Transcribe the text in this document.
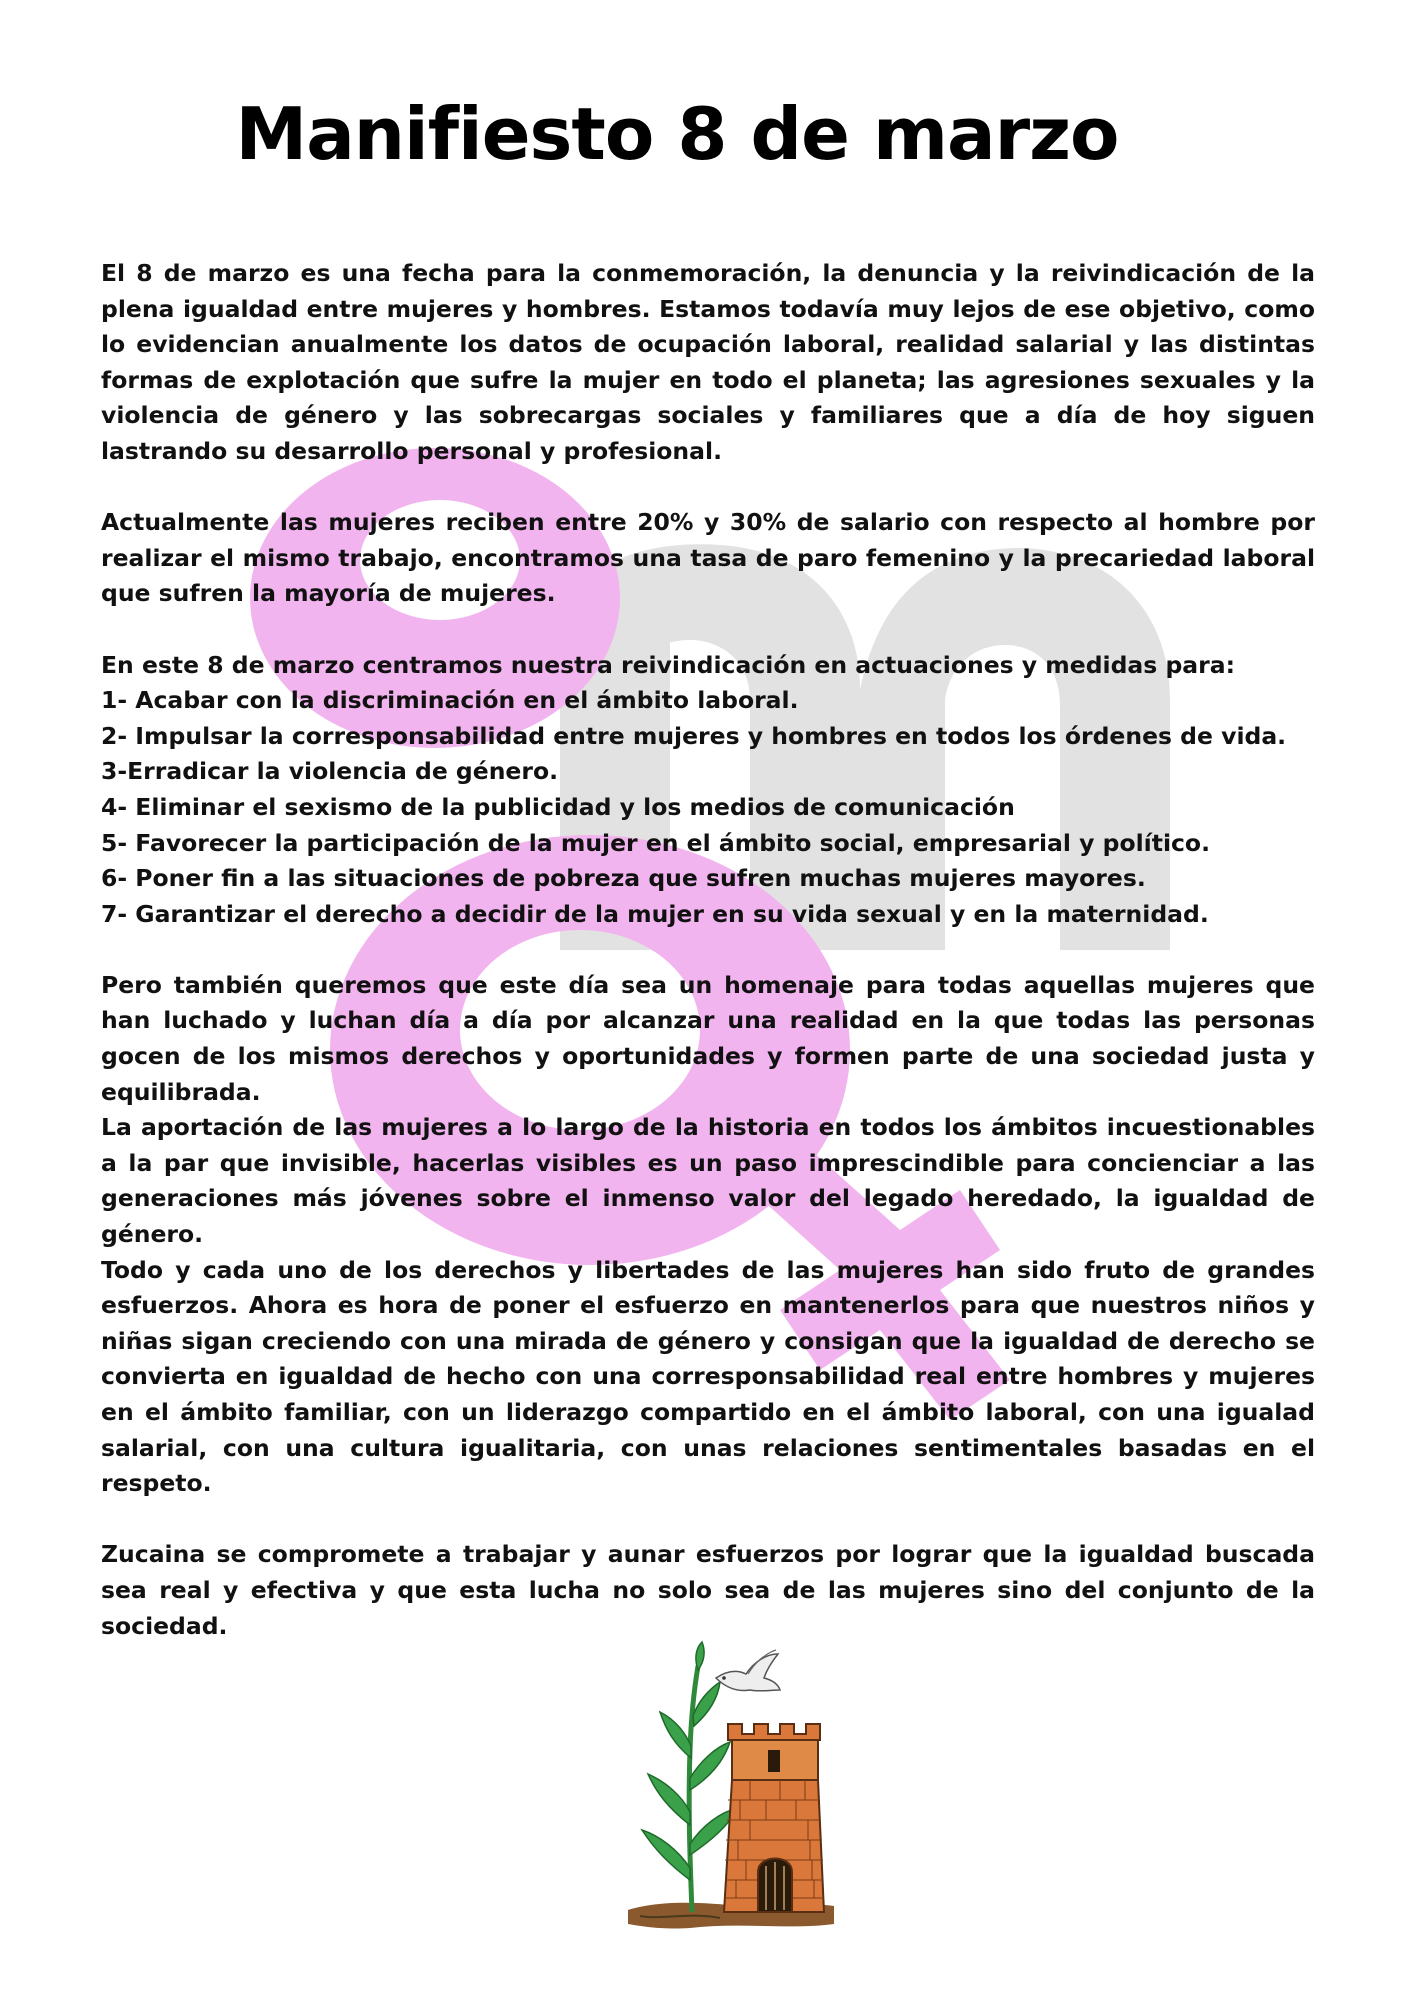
Manifiesto 8 de marzo

El 8 de marzo es una fecha para la conmemoración, la denuncia y la reivindicación de la plena igualdad entre mujeres y hombres. Estamos todavía muy lejos de ese objetivo, como lo evidencian anualmente los datos de ocupación laboral, realidad salarial y las distintas formas de explotación que sufre la mujer en todo el planeta; las agresiones sexuales y la violencia de género y las sobrecargas sociales y familiares que a día de hoy siguen lastrando su desarrollo personal y profesional.

Actualmente las mujeres reciben entre 20% y 30% de salario con respecto al hombre por realizar el mismo trabajo, encontramos una tasa de paro femenino y la precariedad laboral que sufren la mayoría de mujeres.

En este 8 de marzo centramos nuestra reivindicación en actuaciones y medidas para:

1- Acabar con la discriminación en el ámbito laboral.
2- Impulsar la corresponsabilidad entre mujeres y hombres en todos los órdenes de vida.
3-Erradicar la violencia de género.
4- Eliminar el sexismo de la publicidad y los medios de comunicación
5- Favorecer la participación de la mujer en el ámbito social, empresarial y político.
6- Poner fin a las situaciones de pobreza que sufren muchas mujeres mayores.
7- Garantizar el derecho a decidir de la mujer en su vida sexual y en la maternidad.

Pero también queremos que este día sea un homenaje para todas aquellas mujeres que han luchado y luchan día a día por alcanzar una realidad en la que todas las personas gocen de los mismos derechos y oportunidades y formen parte de una sociedad justa y equilibrada.

La aportación de las mujeres a lo largo de la historia en todos los ámbitos incuestionables a la par que invisible, hacerlas visibles es un paso imprescindible para concienciar a las generaciones más jóvenes sobre el inmenso valor del legado heredado, la igualdad de género.

Todo y cada uno de los derechos y libertades de las mujeres han sido fruto de grandes esfuerzos. Ahora es hora de poner el esfuerzo en mantenerlos para que nuestros niños y niñas sigan creciendo con una mirada de género y consigan que la igualdad de derecho se convierta en igualdad de hecho con una corresponsabilidad real entre hombres y mujeres en el ámbito familiar, con un liderazgo compartido en el ámbito laboral, con una igualad salarial, con una cultura igualitaria, con unas relaciones sentimentales basadas en el respeto.

Zucaina se compromete a trabajar y aunar esfuerzos por lograr que la igualdad buscada sea real y efectiva y que esta lucha no solo sea de las mujeres sino del conjunto de la sociedad.
